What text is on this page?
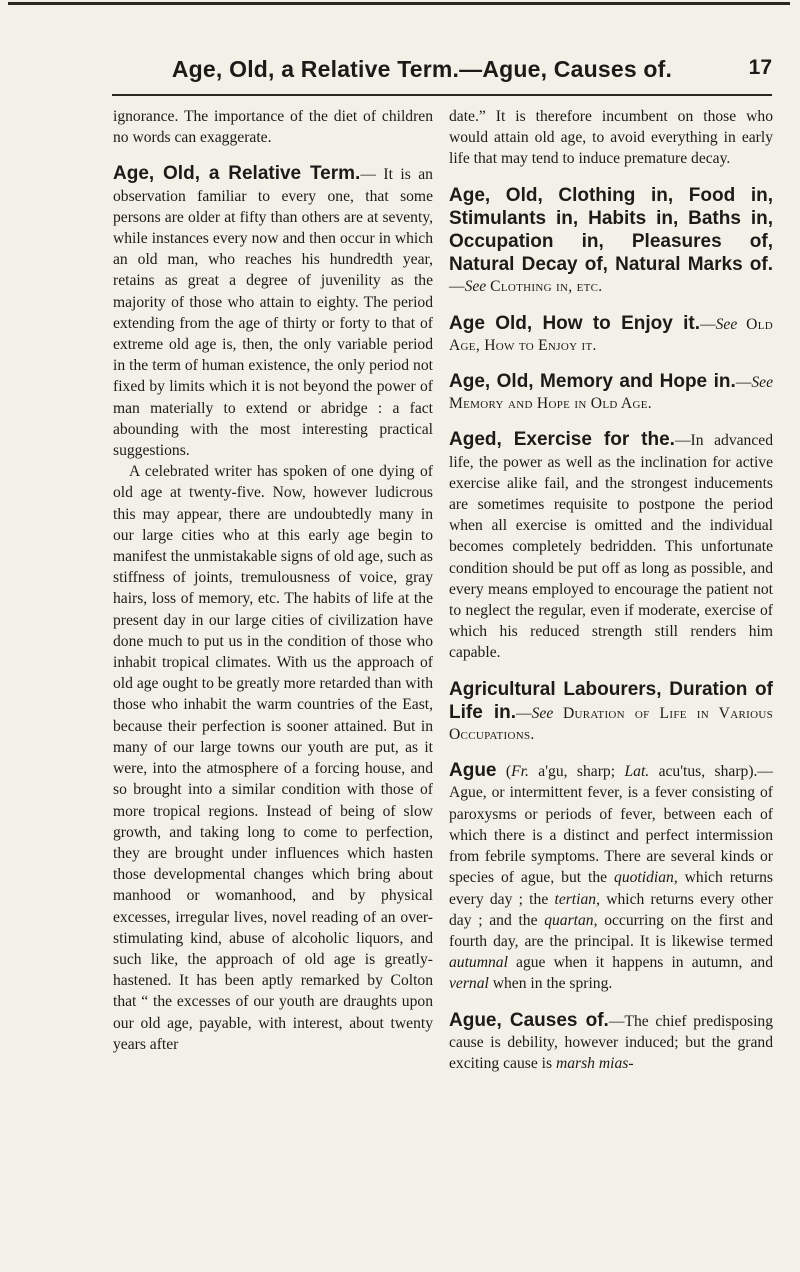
Age, Old, a Relative Term.—Ague, Causes of.	17

ignorance. The importance of the diet of children no words can exaggerate.

Age, Old, a Relative Term.— It is an observation familiar to every one, that some persons are older at fifty than others are at seventy, while instances every now and then occur in which an old man, who reaches his hundredth year, retains as great a degree of juvenility as the majority of those who attain to eighty. The period extending from the age of thirty or forty to that of extreme old age is, then, the only variable period in the term of human existence, the only period not fixed by limits which it is not beyond the power of man materially to extend or abridge : a fact abounding with the most interesting practical suggestions.

A celebrated writer has spoken of one dying of old age at twenty-five. Now, however ludicrous this may appear, there are undoubtedly many in our large cities who at this early age begin to manifest the unmistakable signs of old age, such as stiffness of joints, tremulousness of voice, gray hairs, loss of memory, etc. The habits of life at the present day in our large cities of civilization have done much to put us in the condition of those who inhabit tropical climates. With us the approach of old age ought to be greatly more retarded than with those who inhabit the warm countries of the East, because their perfection is sooner attained. But in many of our large towns our youth are put, as it were, into the atmosphere of a forcing house, and so brought into a similar condition with those of more tropical regions. Instead of being of slow growth, and taking long to come to perfection, they are brought under influences which hasten those developmental changes which bring about manhood or womanhood, and by physical excesses, irregular lives, novel reading of an over-stimulating kind, abuse of alcoholic liquors, and such like, the approach of old age is greatly-hastened. It has been aptly remarked by Colton that “ the excesses of our youth are draughts upon our old age, payable, with interest, about twenty years after

date.” It is therefore incumbent on those who would attain old age, to avoid everything in early life that may tend to induce premature decay.

Age, Old, Clothing in, Food in, Stimulants in, Habits in, Baths in, Occupation in, Pleasures of, Natural Decay of, Natural Marks of.—See Clothing in, etc.

Age Old, How to Enjoy it.—See Old Age, How to Enjoy it.

Age, Old, Memory and Hope in.—See Memory and Hope in Old Age.

Aged, Exercise for the.—In advanced life, the power as well as the inclination for active exercise alike fail, and the strongest inducements are sometimes requisite to postpone the period when all exercise is omitted and the individual becomes completely bedridden. This unfortunate condition should be put off as long as possible, and every means employed to encourage the patient not to neglect the regular, even if moderate, exercise of which his reduced strength still renders him capable.

Agricultural Labourers, Duration of Life in.—See Duration of Life in Various Occupations.

Ague (Fr. a'gu, sharp; Lat. acu'tus, sharp).—Ague, or intermittent fever, is a fever consisting of paroxysms or periods of fever, between each of which there is a distinct and perfect intermission from febrile symptoms. There are several kinds or species of ague, but the quotidian, which returns every day ; the tertian, which returns every other day ; and the quartan, occurring on the first and fourth day, are the principal. It is likewise termed autumnal ague when it happens in autumn, and vernal when in the spring.

Ague, Causes of.—The chief predisposing cause is debility, however induced; but the grand exciting cause is marsh mias-
